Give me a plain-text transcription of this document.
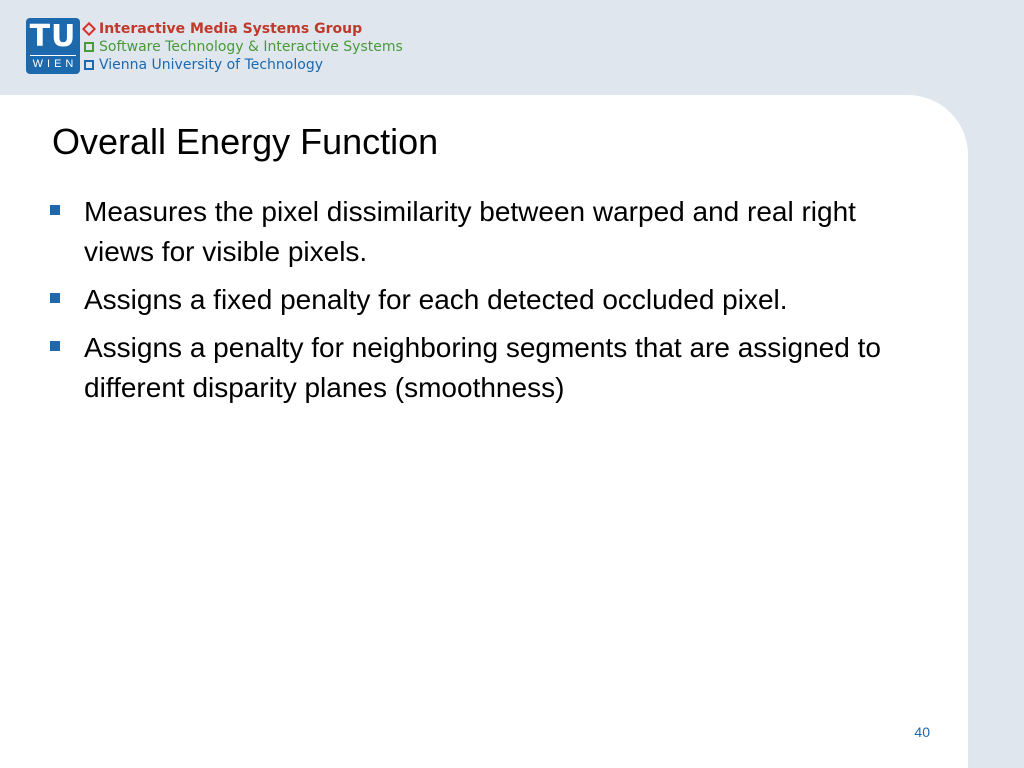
TU
WIEN
Interactive Media Systems Group
Software Technology & Interactive Systems
Vienna University of Technology
Overall Energy Function
Measures the pixel dissimilarity between warped and real right views for visible pixels.
Assigns a fixed penalty for each detected occluded pixel.
Assigns a penalty for neighboring segments that are assigned to different disparity planes (smoothness)
40
